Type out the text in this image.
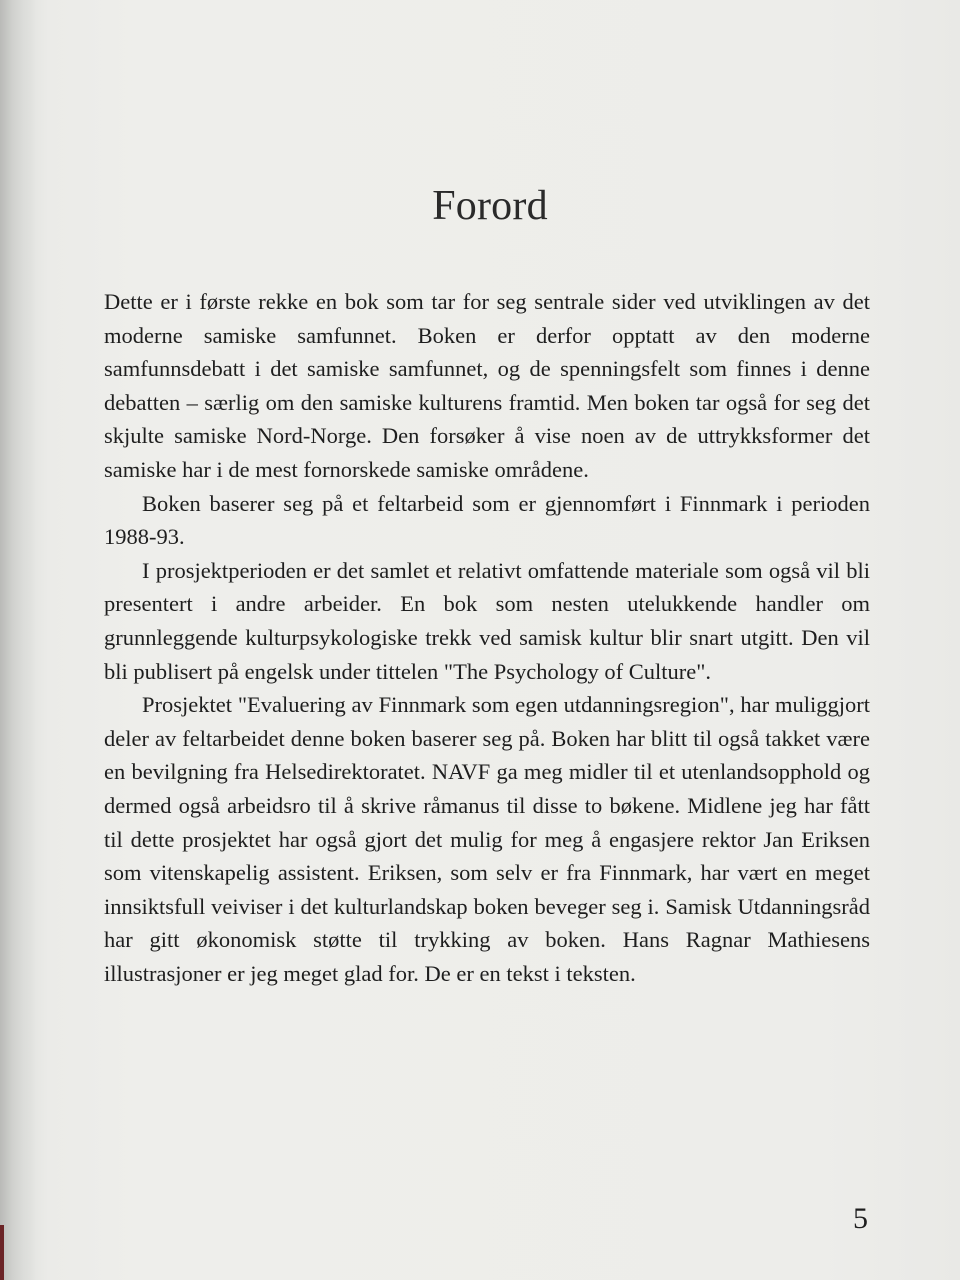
Forord

Dette er i første rekke en bok som tar for seg sentrale sider ved utviklingen av det moderne samiske samfunnet. Boken er derfor opptatt av den moderne samfunnsdebatt i det samiske samfunnet, og de spenningsfelt som finnes i denne debatten – særlig om den samiske kulturens framtid. Men boken tar også for seg det skjulte samiske Nord-Norge. Den forsøker å vise noen av de uttrykksformer det samiske har i de mest fornorskede samiske områdene.

Boken baserer seg på et feltarbeid som er gjennomført i Finnmark i perioden 1988-93.

I prosjektperioden er det samlet et relativt omfattende materiale som også vil bli presentert i andre arbeider. En bok som nesten utelukkende handler om grunnleggende kulturpsykologiske trekk ved samisk kultur blir snart utgitt. Den vil bli publisert på engelsk under tittelen "The Psychology of Culture".

Prosjektet "Evaluering av Finnmark som egen utdanningsregion", har muliggjort deler av feltarbeidet denne boken baserer seg på. Boken har blitt til også takket være en bevilgning fra Helsedirektoratet. NAVF ga meg midler til et utenlandsopphold og dermed også arbeidsro til å skrive råmanus til disse to bøkene. Midlene jeg har fått til dette prosjektet har også gjort det mulig for meg å engasjere rektor Jan Eriksen som vitenskapelig assistent. Eriksen, som selv er fra Finnmark, har vært en meget innsiktsfull veiviser i det kulturlandskap boken beveger seg i. Samisk Utdanningsråd har gitt økonomisk støtte til trykking av boken. Hans Ragnar Mathiesens illustrasjoner er jeg meget glad for. De er en tekst i teksten.

5
